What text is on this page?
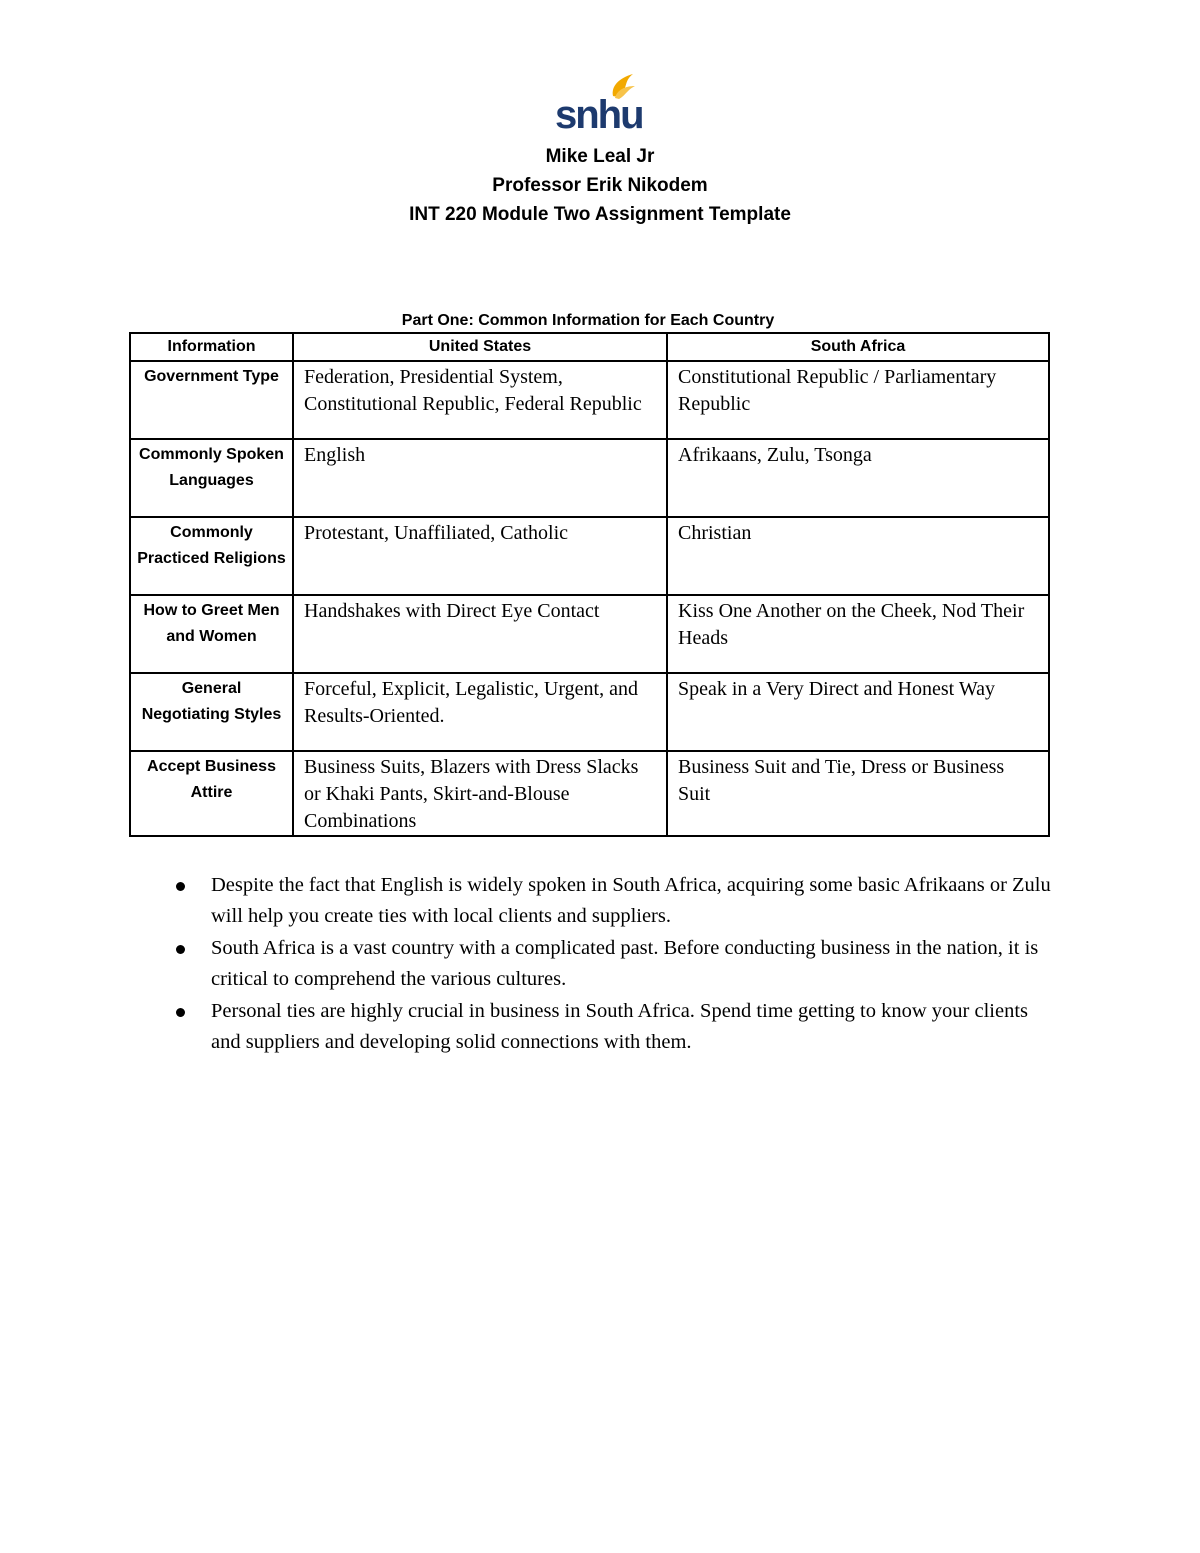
snhu
Mike Leal Jr
Professor Erik Nikodem
INT 220 Module Two Assignment Template
Part One: Common Information for Each Country
Information	United States	South Africa
Government Type	Federation, Presidential System, Constitutional Republic, Federal Republic	Constitutional Republic / Parliamentary Republic
Commonly Spoken Languages	English	Afrikaans, Zulu, Tsonga
Commonly Practiced Religions	Protestant, Unaffiliated, Catholic	Christian
How to Greet Men and Women	Handshakes with Direct Eye Contact	Kiss One Another on the Cheek, Nod Their Heads
General Negotiating Styles	Forceful, Explicit, Legalistic, Urgent, and Results-Oriented.	Speak in a Very Direct and Honest Way
Accept Business Attire	Business Suits, Blazers with Dress Slacks or Khaki Pants, Skirt-and-Blouse Combinations	Business Suit and Tie, Dress or Business Suit
Despite the fact that English is widely spoken in South Africa, acquiring some basic Afrikaans or Zulu will help you create ties with local clients and suppliers.
South Africa is a vast country with a complicated past. Before conducting business in the nation, it is critical to comprehend the various cultures.
Personal ties are highly crucial in business in South Africa. Spend time getting to know your clients and suppliers and developing solid connections with them.
